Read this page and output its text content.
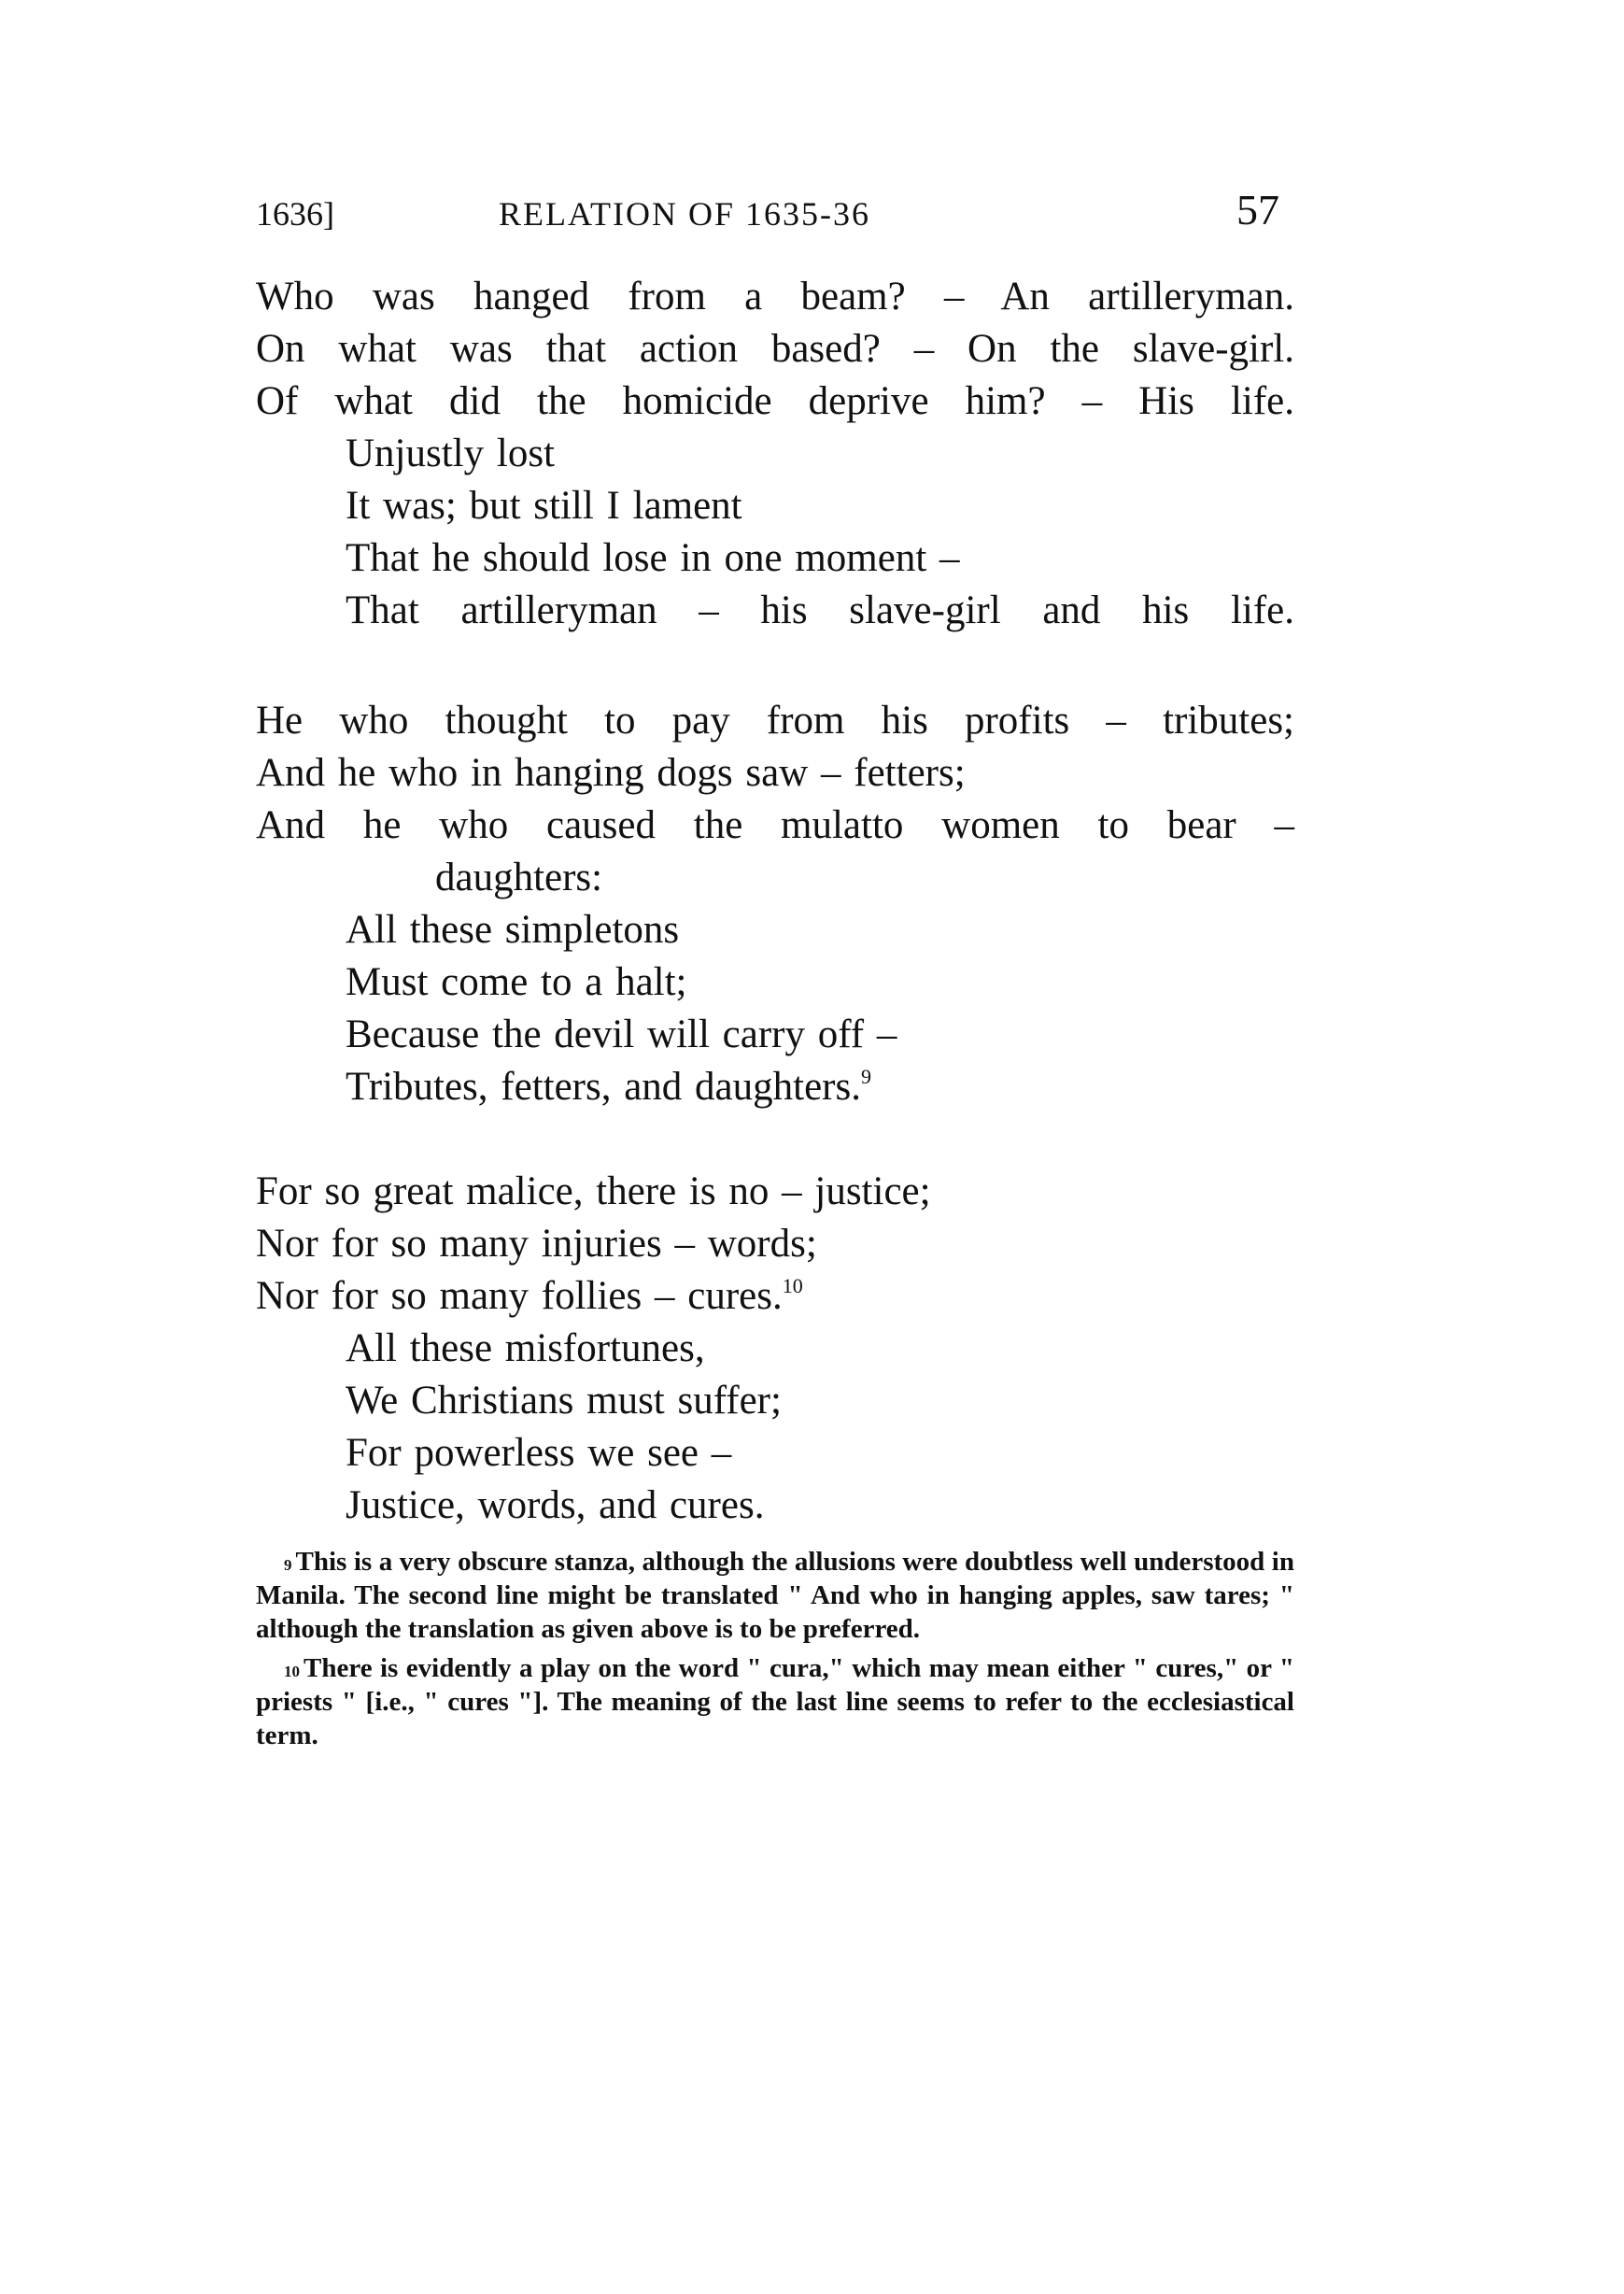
1636]	RELATION OF 1635-36	57
Who was hanged from a beam? – An artilleryman.
On what was that action based? – On the slave-girl.
Of what did the homicide deprive him? – His life.
Unjustly lost
It was; but still I lament
That he should lose in one moment –
That artilleryman – his slave-girl and his life.
He who thought to pay from his profits – tributes;
And he who in hanging dogs saw – fetters;
And he who caused the mulatto women to bear –
daughters:
All these simpletons
Must come to a halt;
Because the devil will carry off –
Tributes, fetters, and daughters.$^9$
For so great malice, there is no – justice;
Nor for so many injuries – words;
Nor for so many follies – cures.$^{10}$
All these misfortunes,
We Christians must suffer;
For powerless we see –
Justice, words, and cures.

$^9$ This is a very obscure stanza, although the allusions were doubtless well understood in Manila. The second line might be translated " And who in hanging apples, saw tares; " although the translation as given above is to be preferred.

$^{10}$ There is evidently a play on the word " cura," which may mean either " cures," or " priests " [i.e., " cures "]. The meaning of the last line seems to refer to the ecclesiastical term.
